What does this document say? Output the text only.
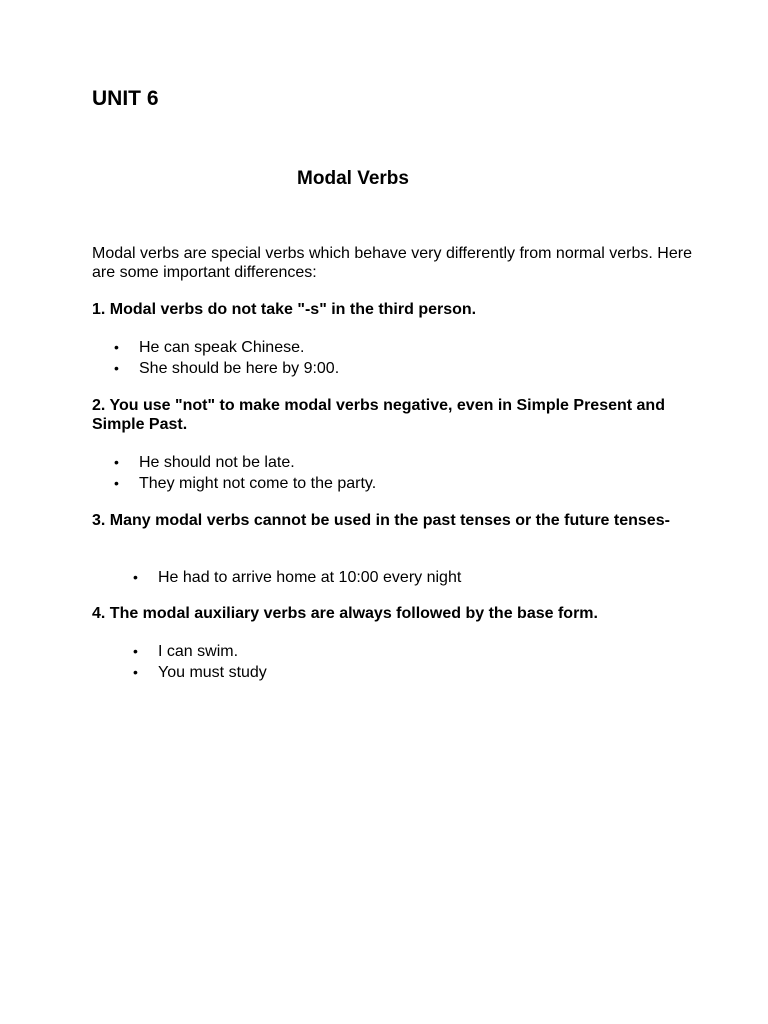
UNIT 6
Modal Verbs

Modal verbs are special verbs which behave very differently from normal verbs. Here are some important differences:

1. Modal verbs do not take "-s" in the third person.

• He can speak Chinese.
• She should be here by 9:00.

2. You use "not" to make modal verbs negative, even in Simple Present and Simple Past.

• He should not be late.
• They might not come to the party.

3. Many modal verbs cannot be used in the past tenses or the future tenses-

• He had to arrive home at 10:00 every night

4. The modal auxiliary verbs are always followed by the base form.

• I can swim.
• You must study
